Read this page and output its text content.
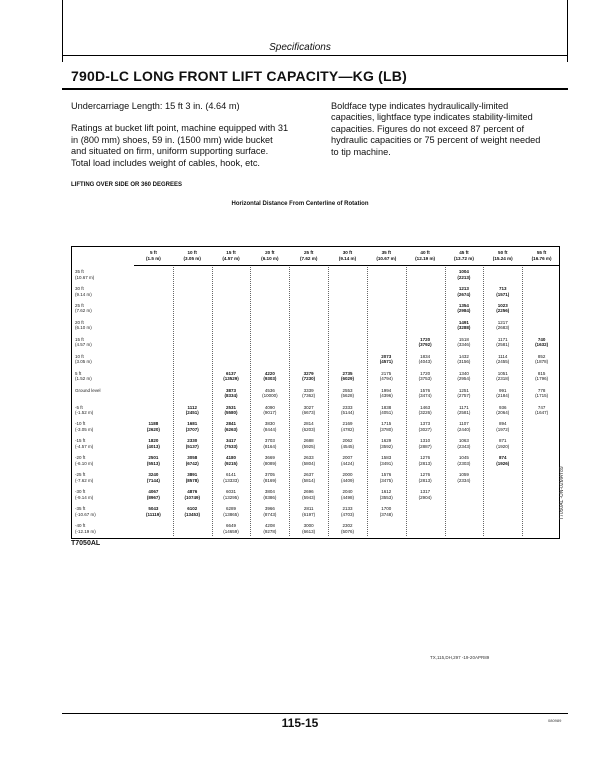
Specifications
790D-LC LONG FRONT LIFT CAPACITY—KG (LB)
Undercarriage Length: 15 ft 3 in. (4.64 m)
Ratings at bucket lift point, machine equipped with 31
in (800 mm) shoes, 59 in. (1500 mm) wide bucket
and situated on firm, uniform supporting surface.
Total load includes weight of cables, hook, etc.
Boldface type indicates hydraulically-limited
capacities, lightface type indicates stability-limited
capacities. Figures do not exceed 87 percent of
hydraulic capacities or 75 percent of weight needed
to tip machine.
LIFTING OVER SIDE OR 360 DEGREES
Horizontal Distance From Centerline of Rotation
5 ft
(1.5 m)
10 ft
(3.05 m)
15 ft
(4.57 m)
20 ft
(6.10 m)
25 ft
(7.62 m)
30 ft
(9.14 m)
35 ft
(10.67 m)
40 ft
(12.19 m)
45 ft
(13.72 m)
50 ft
(15.24 m)
55 ft
(16.76 m)
35 ft
(10.67 m)
1004
(2213)
30 ft
(9.14 m)
1213
(2674)
713
(1571)
25 ft
(7.62 m)
1354
(2984)
1023
(2256)
20 ft
(6.10 m)
1491
(3288)
1217
(2683)
15 ft
(4.57 m)
1720
(3792)
1518
(3346)
1171
(2581)
740
(1632)
10 ft
(3.05 m)
2073
(4571)
1834
(4043)
1432
(3156)
1114
(2455)
852
(1878)
5 ft
(1.52 m)
6137
(13529)
4220
(9303)
3279
(7230)
2735
(6029)
2175
(4794)
1720
(3753)
1340
(2954)
1051
(2318)
815
(1796)
Ground level	3873
(8334)
4536
(10000)
3339
(7362)
2553
(5628)
1994
(4396)
1576
(3474)
1251
(2757)
991
(2184)
778
(1715)
-5 ft
(-1.52 m)
1112
(2451)
2531
(5580)
4090
(9017)
3027
(6673)
2333
(5144)
1838
(4051)
1463
(3226)
1171
(2581)
936
(2064)
747
(1647)
-10 ft
(-3.05 m)
1188
(2620)
1681
(3707)
2841
(6263)
3830
(8444)
2814
(6203)
2169
(4782)
1715
(3780)
1373
(3027)
1107
(2440)
894
(1972)
-15 ft
(-4.57 m)
1820
(4013)
2330
(5137)
3417
(7533)
3703
(8164)
2688
(5925)
2062
(4545)
1629
(3592)
1310
(2887)
1063
(2343)
871
(1920)
-20 ft
(-6.10 m)
2501
(5513)
3058
(6742)
4180
(9215)
3669
(8089)
2633
(5804)
2007
(4424)
1583
(3491)
1276
(2813)
1045
(2303)
874
(1926)
-25 ft
(-7.62 m)
3240
(7144)
3891
(8578)
6141
(13333)
3705
(8169)
2637
(5814)
2000
(4409)
1576
(3475)
1276
(2813)
1059
(2334)
-30 ft
(-9.14 m)
4067
(8967)
4876
(10749)
6031
(13295)
3804
(8386)
2696
(5943)
2040
(4498)
1612
(3553)
1317
(2904)
-35 ft
(-10.67 m)
5043
(11119)
6102
(13453)
6289
(13865)
3966
(8743)
2811
(6197)
2133
(4703)
1700
(3748)
-40 ft
(-12.19 m)
6649
(14659)
4208
(9278)
3000
(6613)
2302
(5076)
T7050AL
T7050AL -UN-02MAY89
TX,115,DH,297 -19-20APR89
115-15	080989
